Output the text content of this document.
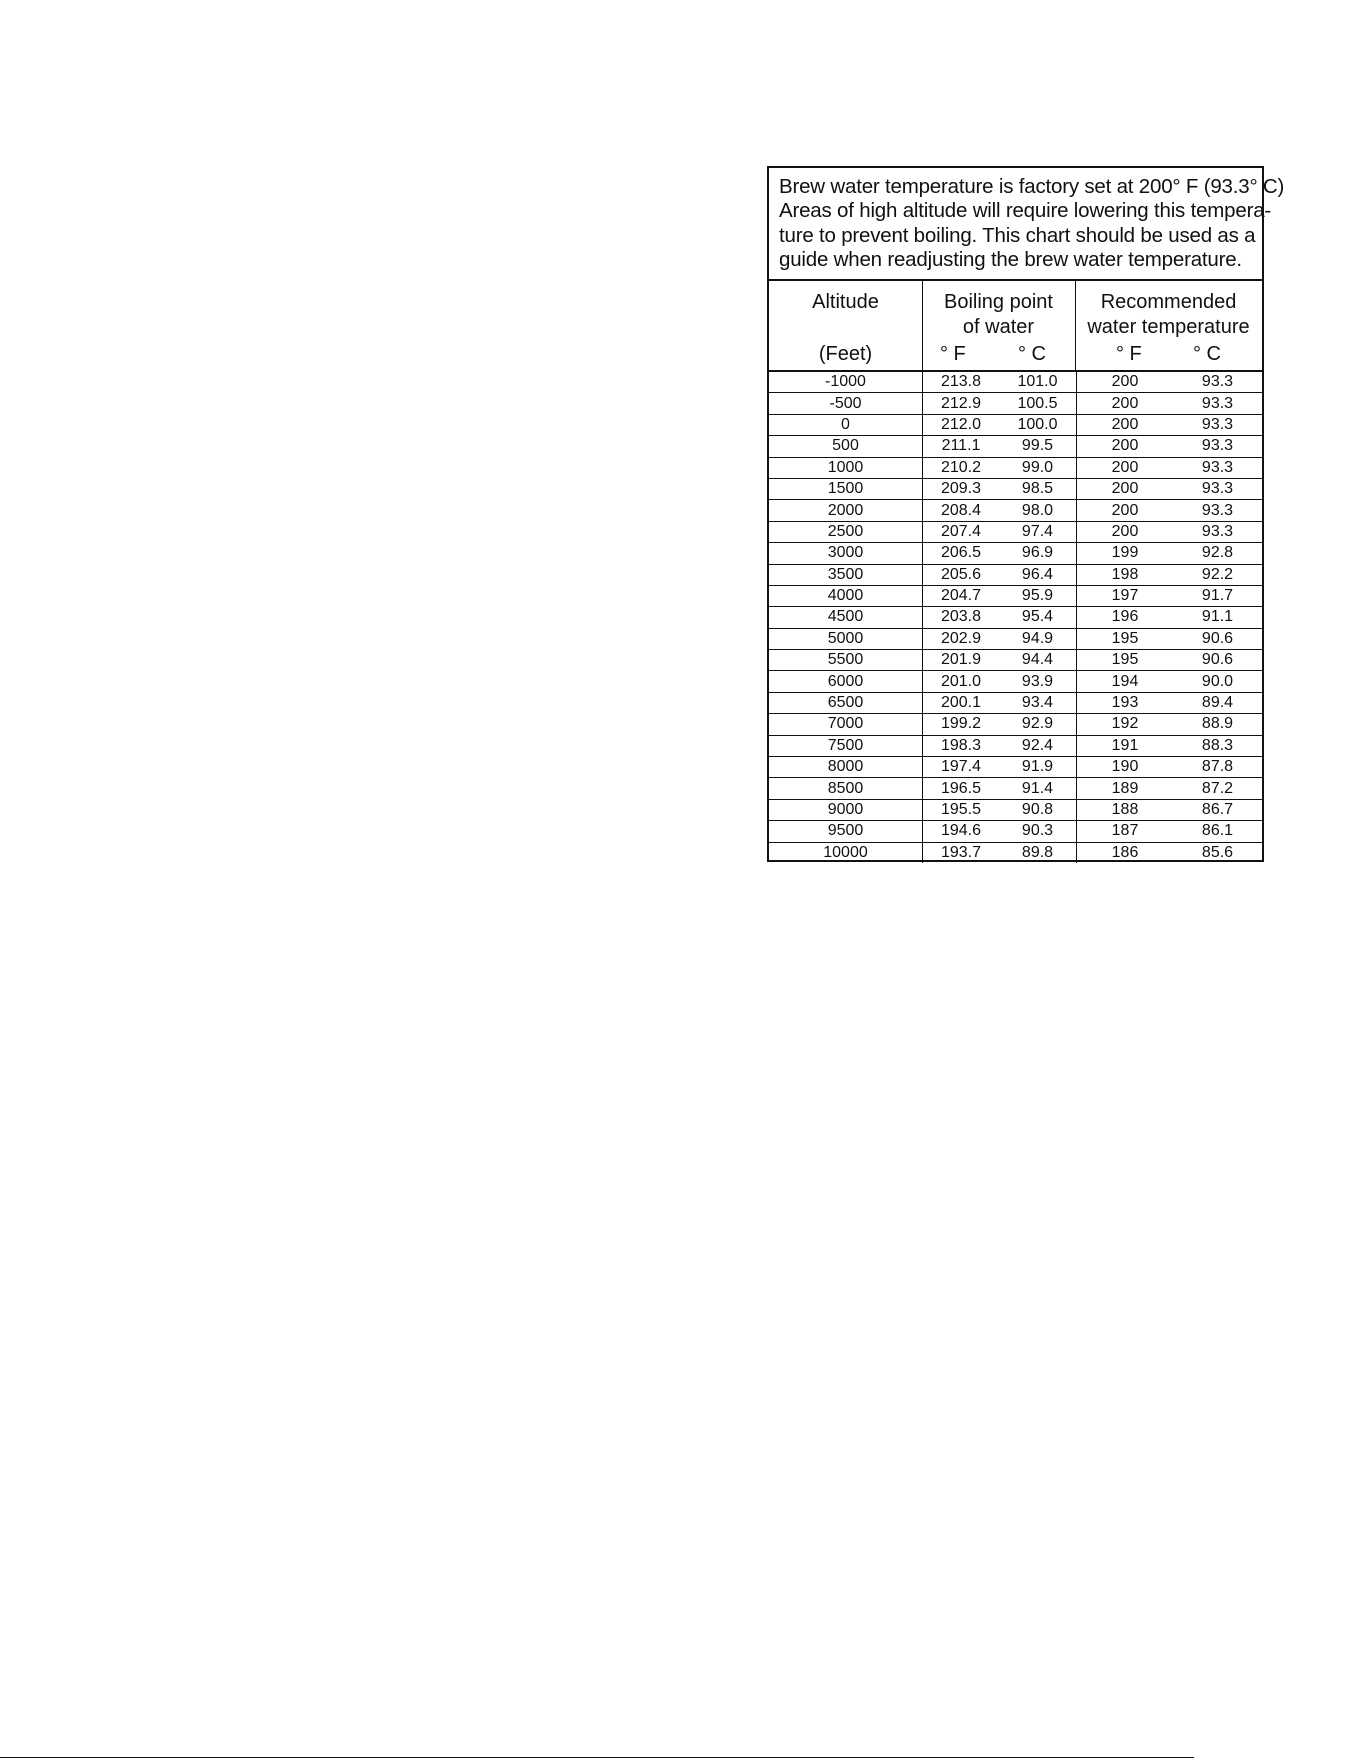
Brew water temperature is factory set at 200° F (93.3° C)
Areas of high altitude will require lowering this tempera-
ture to prevent boiling. This chart should be used as a
guide when readjusting the brew water temperature.
Altitude
(Feet)
Boiling point
of water
° F	° C
Recommended
water temperature
° F	° C
-1000	213.8	101.0	200	93.3
-500	212.9	100.5	200	93.3
0	212.0	100.0	200	93.3
500	211.1	99.5	200	93.3
1000	210.2	99.0	200	93.3
1500	209.3	98.5	200	93.3
2000	208.4	98.0	200	93.3
2500	207.4	97.4	200	93.3
3000	206.5	96.9	199	92.8
3500	205.6	96.4	198	92.2
4000	204.7	95.9	197	91.7
4500	203.8	95.4	196	91.1
5000	202.9	94.9	195	90.6
5500	201.9	94.4	195	90.6
6000	201.0	93.9	194	90.0
6500	200.1	93.4	193	89.4
7000	199.2	92.9	192	88.9
7500	198.3	92.4	191	88.3
8000	197.4	91.9	190	87.8
8500	196.5	91.4	189	87.2
9000	195.5	90.8	188	86.7
9500	194.6	90.3	187	86.1
10000	193.7	89.8	186	85.6
